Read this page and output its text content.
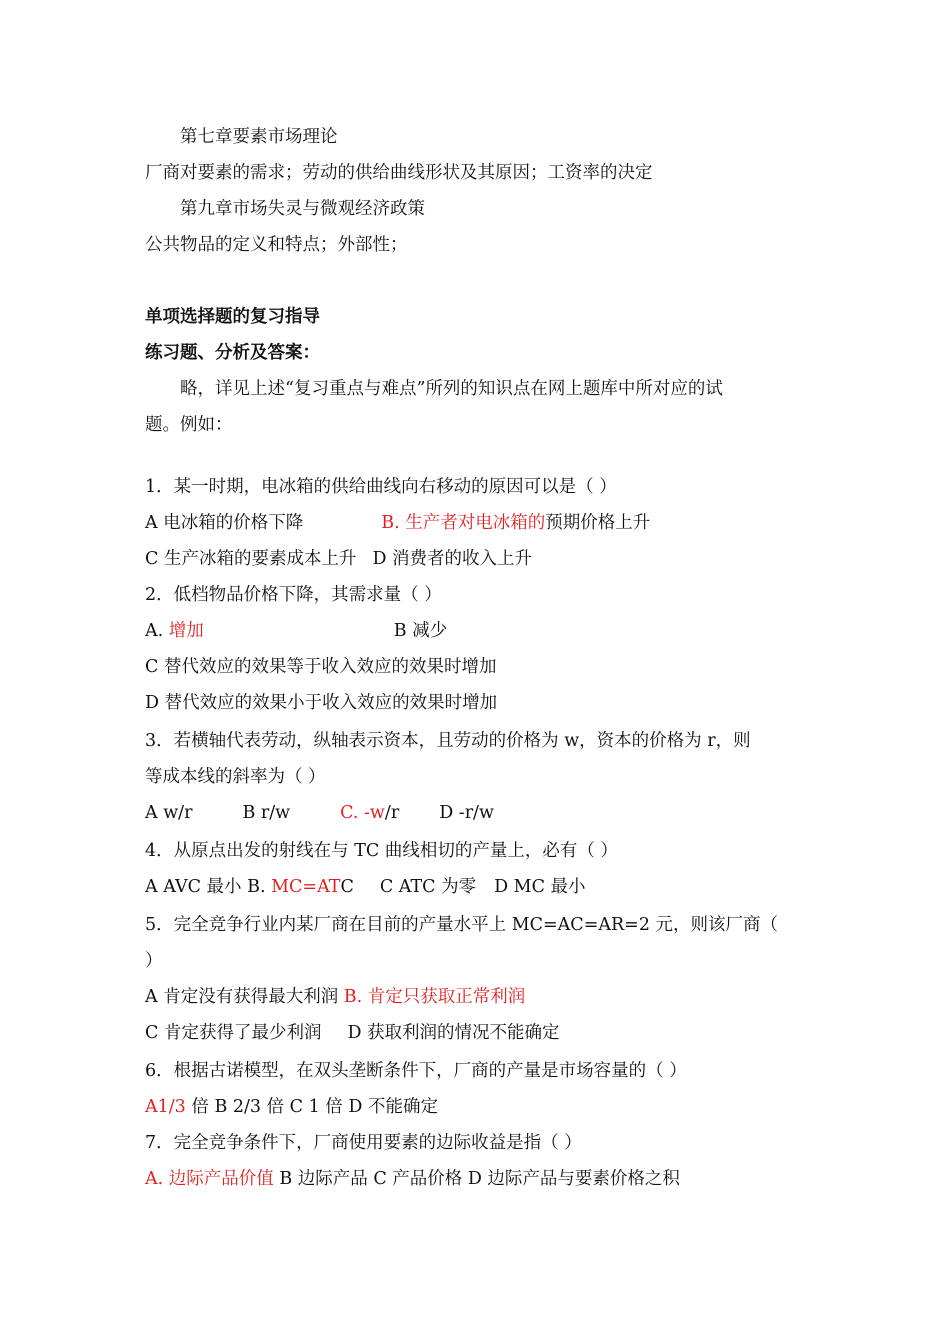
第七章要素市场理论
厂商对要素的需求；劳动的供给曲线形状及其原因；工资率的决定
第九章市场失灵与微观经济政策
公共物品的定义和特点；外部性；
单项选择题的复习指导
练习题、分析及答案：
略，详见上述“复习重点与难点”所列的知识点在网上题库中所对应的试
题。例如：
1．某一时期，电冰箱的供给曲线向右移动的原因可以是（ ）
A 电冰箱的价格下降	B. 生产者对电冰箱的预期价格上升
C 生产冰箱的要素成本上升 D 消费者的收入上升
2．低档物品价格下降，其需求量（ ）
A. 增加	B 减少
C 替代效应的效果等于收入效应的效果时增加
D 替代效应的效果小于收入效应的效果时增加
3．若横轴代表劳动，纵轴表示资本，且劳动的价格为 w，资本的价格为 r，则
等成本线的斜率为（ ）
A w/r	B r/w	C. -w/r D -r/w
4．从原点出发的射线在与 TC 曲线相切的产量上，必有（ ）
A AVC 最小 B. MC=ATC C ATC 为零 D MC 最小
5．完全竞争行业内某厂商在目前的产量水平上 MC=AC=AR=2 元，则该厂商（
）
A 肯定没有获得最大利润 B. 肯定只获取正常利润
C 肯定获得了最少利润 D 获取利润的情况不能确定
6．根据古诺模型，在双头垄断条件下，厂商的产量是市场容量的（ ）
A1/3 倍 B 2/3 倍 C 1 倍 D 不能确定
7．完全竞争条件下，厂商使用要素的边际收益是指（ ）
A. 边际产品价值 B 边际产品 C 产品价格 D 边际产品与要素价格之积
